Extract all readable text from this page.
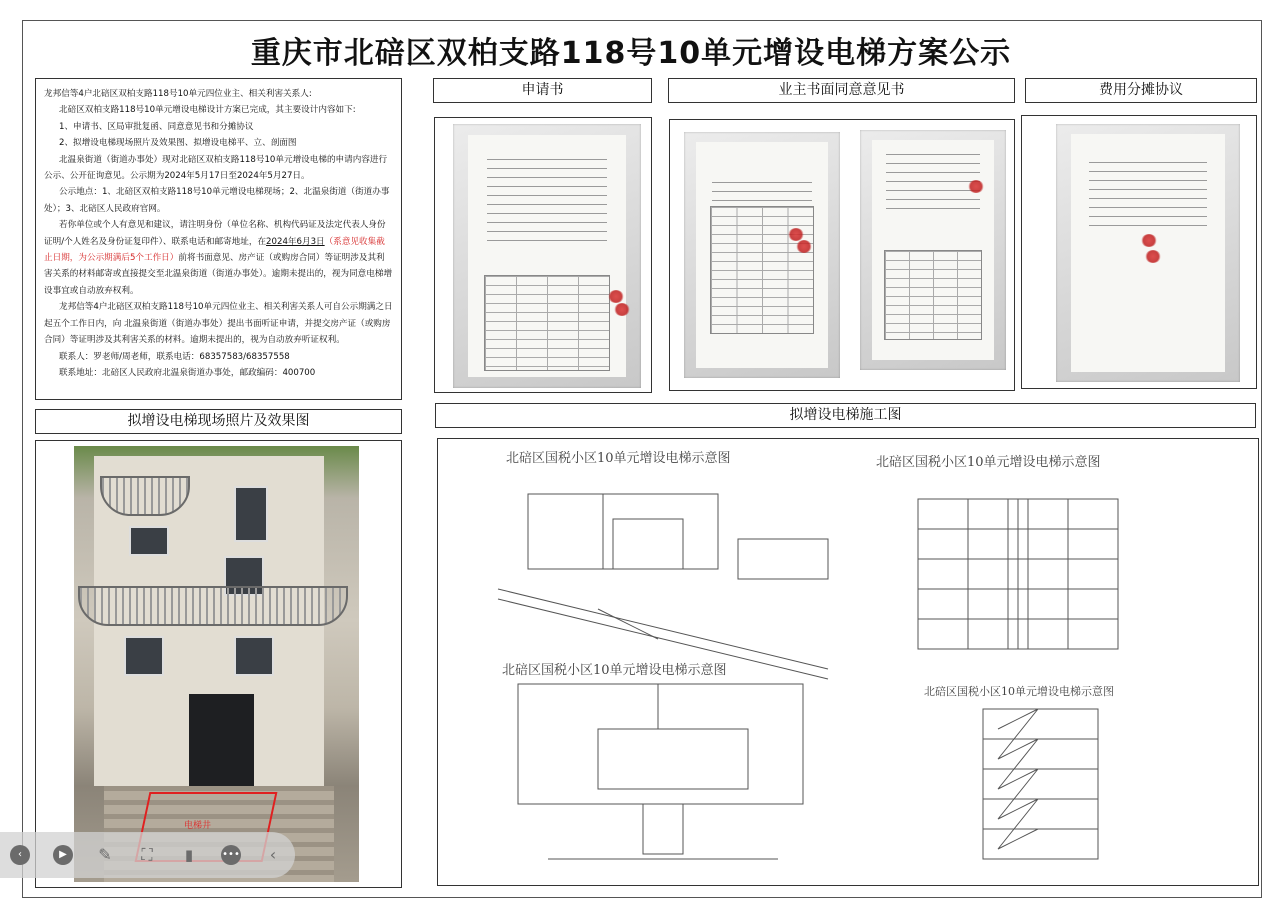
重庆市北碚区双柏支路118号10单元增设电梯方案公示

龙邦信等4户北碚区双柏支路118号10单元四位业主、相关利害关系人:

北碚区双柏支路118号10单元增设电梯设计方案已完成，其主要设计内容如下:

1、申请书、区局审批复函、同意意见书和分摊协议

2、拟增设电梯现场照片及效果图、拟增设电梯平、立、剖面图

北温泉街道（街道办事处）现对北碚区双柏支路118号10单元增设电梯的申请内容进行公示、公开征询意见。公示期为2024年5月17日至2024年5月27日。

公示地点：1、北碚区双柏支路118号10单元增设电梯现场；2、北温泉街道（街道办事处）；3、北碚区人民政府官网。

若你单位或个人有意见和建议，请注明身份（单位名称、机构代码证及法定代表人身份证明/个人姓名及身份证复印件）、联系电话和邮寄地址，在2024年6月3日（系意见收集截止日期，为公示期满后5个工作日）前将书面意见、房产证（或购房合同）等证明涉及其利害关系的材料邮寄或直接提交至北温泉街道（街道办事处）。逾期未提出的，视为同意电梯增设事宜或自动放弃权利。

龙邦信等4户北碚区双柏支路118号10单元四位业主、相关利害关系人可自公示期满之日起五个工作日内，向 北温泉街道（街道办事处）提出书面听证申请，并提交房产证（或购房合同）等证明涉及其利害关系的材料。逾期未提出的，视为自动放弃听证权利。

联系人：罗老师/周老师，联系电话：68357583/68357558

联系地址：北碚区人民政府北温泉街道办事处，邮政编码：400700

申请书	业主书面同意意见书	费用分摊协议
拟增设电梯现场照片及效果图	拟增设电梯施工图
电梯井
‹	▶	✎ ⛶	▮	•••	‹
北碚区国税小区10单元增设电梯示意图	北碚区国税小区10单元增设电梯示意图
北碚区国税小区10单元增设电梯示意图
北碚区国税小区10单元增设电梯示意图
